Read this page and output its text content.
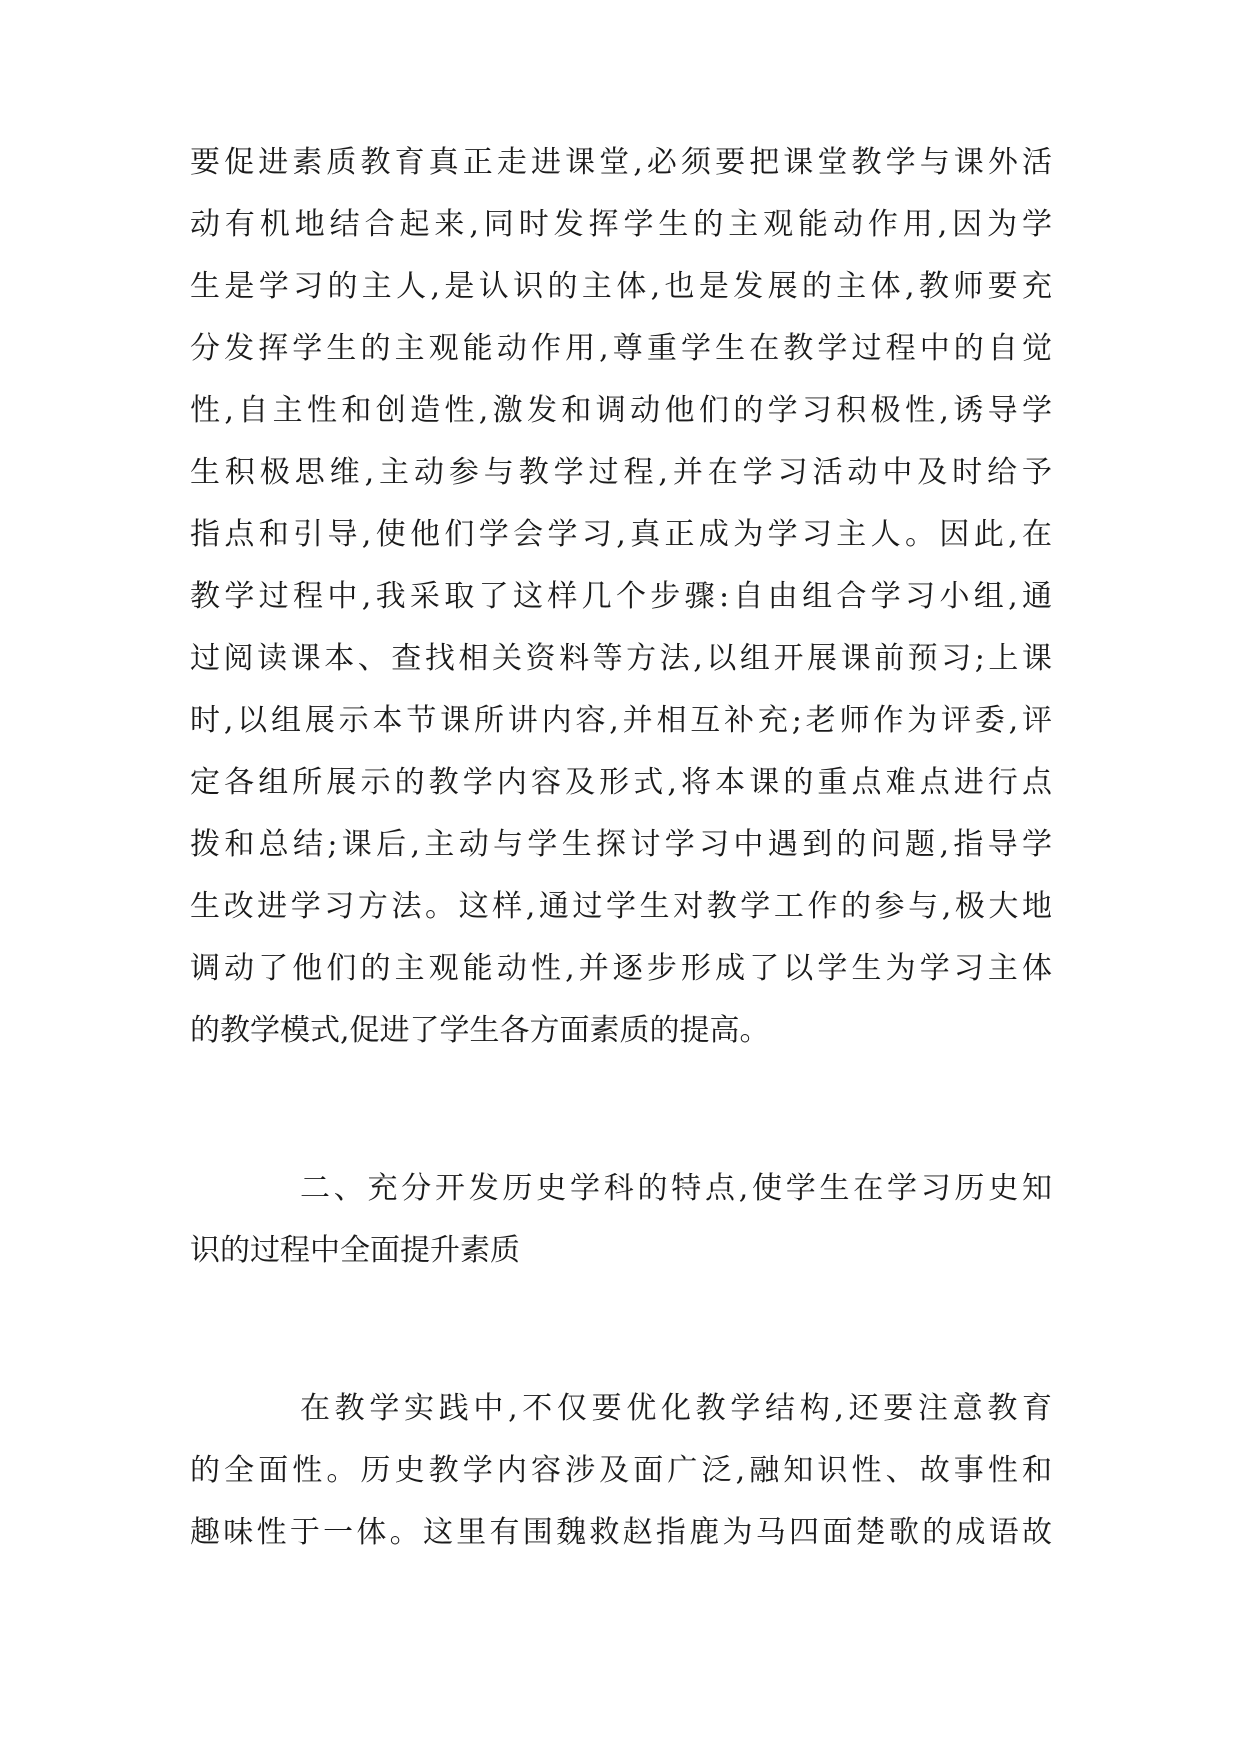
要促进素质教育真正走进课堂,必须要把课堂教学与课外活
动有机地结合起来,同时发挥学生的主观能动作用,因为学
生是学习的主人,是认识的主体,也是发展的主体,教师要充
分发挥学生的主观能动作用,尊重学生在教学过程中的自觉
性,自主性和创造性,激发和调动他们的学习积极性,诱导学
生积极思维,主动参与教学过程,并在学习活动中及时给予
指点和引导,使他们学会学习,真正成为学习主人。因此,在
教学过程中,我采取了这样几个步骤:自由组合学习小组,通
过阅读课本、查找相关资料等方法,以组开展课前预习;上课
时,以组展示本节课所讲内容,并相互补充;老师作为评委,评
定各组所展示的教学内容及形式,将本课的重点难点进行点
拨和总结;课后,主动与学生探讨学习中遇到的问题,指导学
生改进学习方法。这样,通过学生对教学工作的参与,极大地
调动了他们的主观能动性,并逐步形成了以学生为学习主体
的教学模式,促进了学生各方面素质的提高。
二、充分开发历史学科的特点,使学生在学习历史知
识的过程中全面提升素质
在教学实践中,不仅要优化教学结构,还要注意教育
的全面性。历史教学内容涉及面广泛,融知识性、故事性和
趣味性于一体。这里有围魏救赵指鹿为马四面楚歌的成语故
